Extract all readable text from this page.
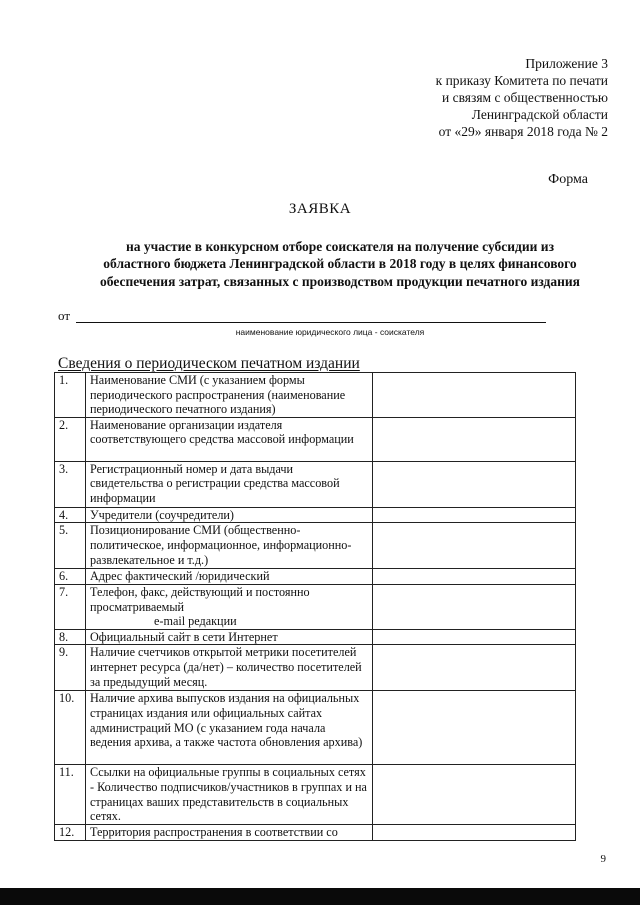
Приложение 3
к приказу Комитета по печати
и связям с общественностью
Ленинградской области
от «29» января 2018 года № 2
Форма
ЗАЯВКА
на участие в конкурсном отборе соискателя на получение субсидии из областного бюджета Ленинградской области в 2018 году в целях финансового обеспечения затрат, связанных с производством продукции печатного издания
от
наименование юридического лица - соискателя
Сведения о периодическом печатном издании
1.	Наименование СМИ (с указанием формы периодического распространения (наименование периодического печатного издания)	
2.	Наименование организации издателя соответствующего средства массовой информации	
3.	Регистрационный номер и дата выдачи свидетельства о регистрации средства массовой информации	
4.	Учредители (соучредители)	
5.	Позиционирование СМИ (общественно-политическое, информационное, информационно-развлекательное и т.д.)	
6.	Адрес фактический /юридический	
7.	Телефон, факс, действующий и постоянно просматриваемый
e-mail редакции	

8.	Официальный сайт в сети Интернет	
9.	Наличие счетчиков открытой метрики посетителей интернет ресурса (да/нет) – количество посетителей за предыдущий месяц.	
10.	Наличие архива выпусков издания на официальных страницах издания или официальных сайтах администраций МО (с указанием года начала ведения архива, а также частота обновления архива)	
11.	Ссылки на официальные группы в социальных сетях - Количество подписчиков/участников в группах и на страницах ваших представительств в социальных сетях.	
12.	Территория распространения в соответствии со	
9
